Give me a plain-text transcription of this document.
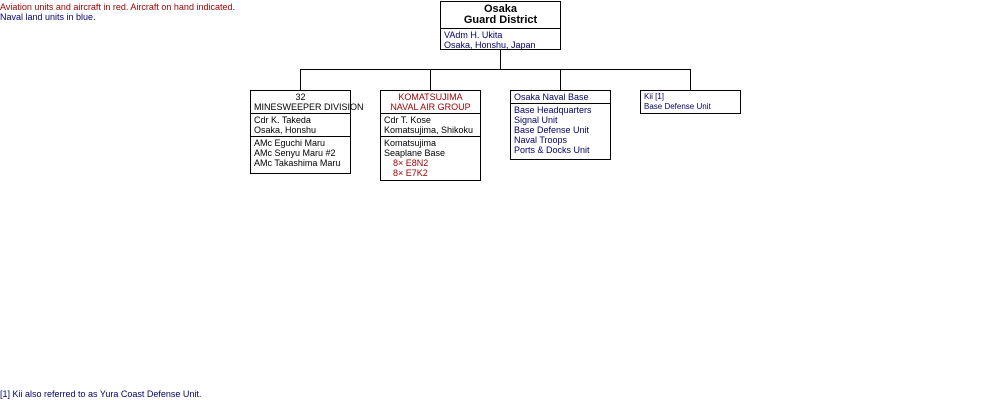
Aviation units and aircraft in red. Aircraft on hand indicated.
Naval land units in blue.
Osaka
Guard District
VAdm H. Ukita
Osaka, Honshu, Japan
32
MINESWEEPER DIVISION
Cdr K. Takeda
Osaka, Honshu
AMc Eguchi Maru
AMc Senyu Maru #2
AMc Takashima Maru
KOMATSUJIMA
NAVAL AIR GROUP
Cdr T. Kose
Komatsujima, Shikoku
Komatsujima
Seaplane Base
8× E8N2
8× E7K2
Osaka Naval Base
Base Headquarters
Signal Unit
Base Defense Unit
Naval Troops
Ports & Docks Unit
Kii [1]
Base Defense Unit
[1] Kii also referred to as Yura Coast Defense Unit.
